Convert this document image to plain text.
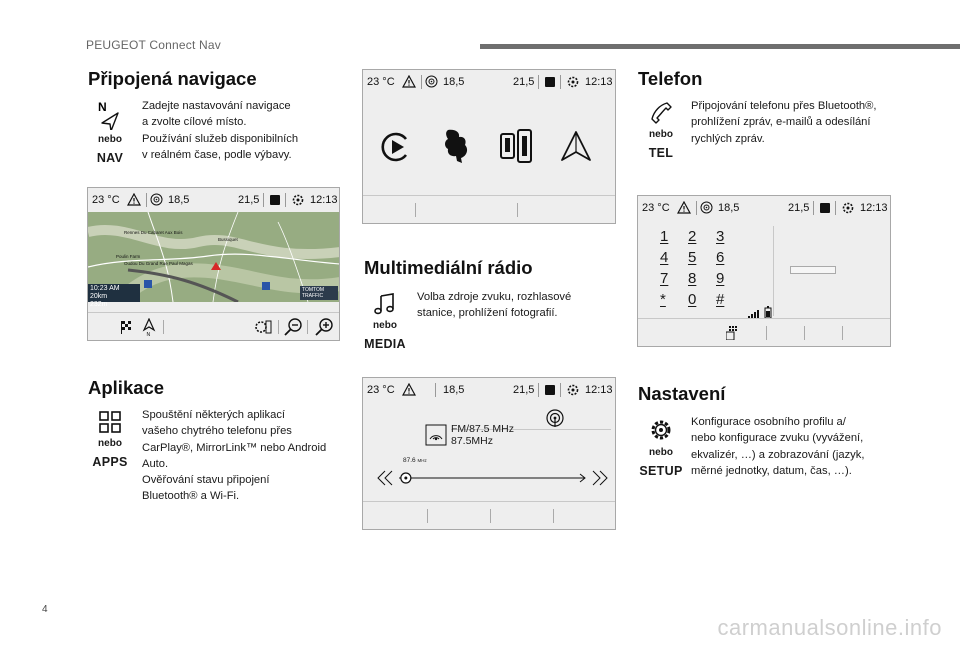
PEUGEOT Connect Nav
Připojená navigace
N
nebo
NAV
Zadejte nastavování navigace
a zvolte cílové místo.
Používání služeb disponibilních
v reálném čase, podle výbavy.
23 °C	18,5	21,5	12:13
Rennes Du Cabaret Aux Bois
Bussiquet
Poulin Farm
Oudou Du Grand Rue Paul Magas
10:23 AM 20km
232m
TOMTOM TRAFFIC
N
Aplikace
nebo
APPS
Spouštění některých aplikací
vašeho chytrého telefonu přes
CarPlay®, MirrorLink™ nebo Android
Auto.
Ověřování stavu připojení
Bluetooth® a Wi-Fi.
23 °C	18,5	21,5	12:13
Multimediální rádio
nebo
MEDIA
Volba zdroje zvuku, rozhlasové
stanice, prohlížení fotografií.
23 °C	18,5	21,5	12:13
FM/87.5 MHz
87.5MHz
87.6 MHz
Telefon
nebo
TEL
Připojování telefonu přes Bluetooth®,
prohlížení zpráv, e-mailů a odesílání
rychlých zpráv.
23 °C	18,5	21,5	12:13
1	2	3
4	5	6
7	8	9
*	0	#
Nastavení
nebo
SETUP
Konfigurace osobního profilu a/
nebo konfigurace zvuku (vyvážení,
ekvalizér, …) a zobrazování (jazyk,
měrné jednotky, datum, čas, …).
4
carmanualsonline.info
